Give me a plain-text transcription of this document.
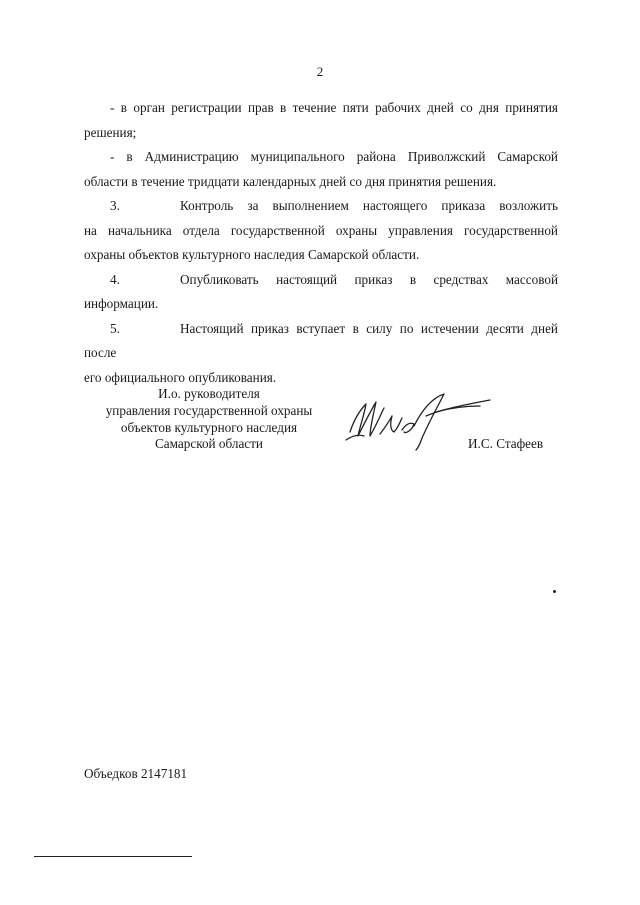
2

- в орган регистрации прав в течение пяти рабочих дней со дня принятия

решения;

- в Администрацию муниципального района Приволжский Самарской

области в течение тридцати календарных дней со дня принятия решения.

3.	Контроль за выполнением настоящего приказа возложить

на начальника отдела государственной охраны управления государственной

охраны объектов культурного наследия Самарской области.

4.	Опубликовать настоящий приказ в средствах массовой

информации.

5.	Настоящий приказ вступает в силу по истечении десяти дней после

его официального опубликования.

И.о. руководителя
управления государственной охраны
объектов культурного наследия
Самарской области	И.С. Стафеев
Объедков 2147181
